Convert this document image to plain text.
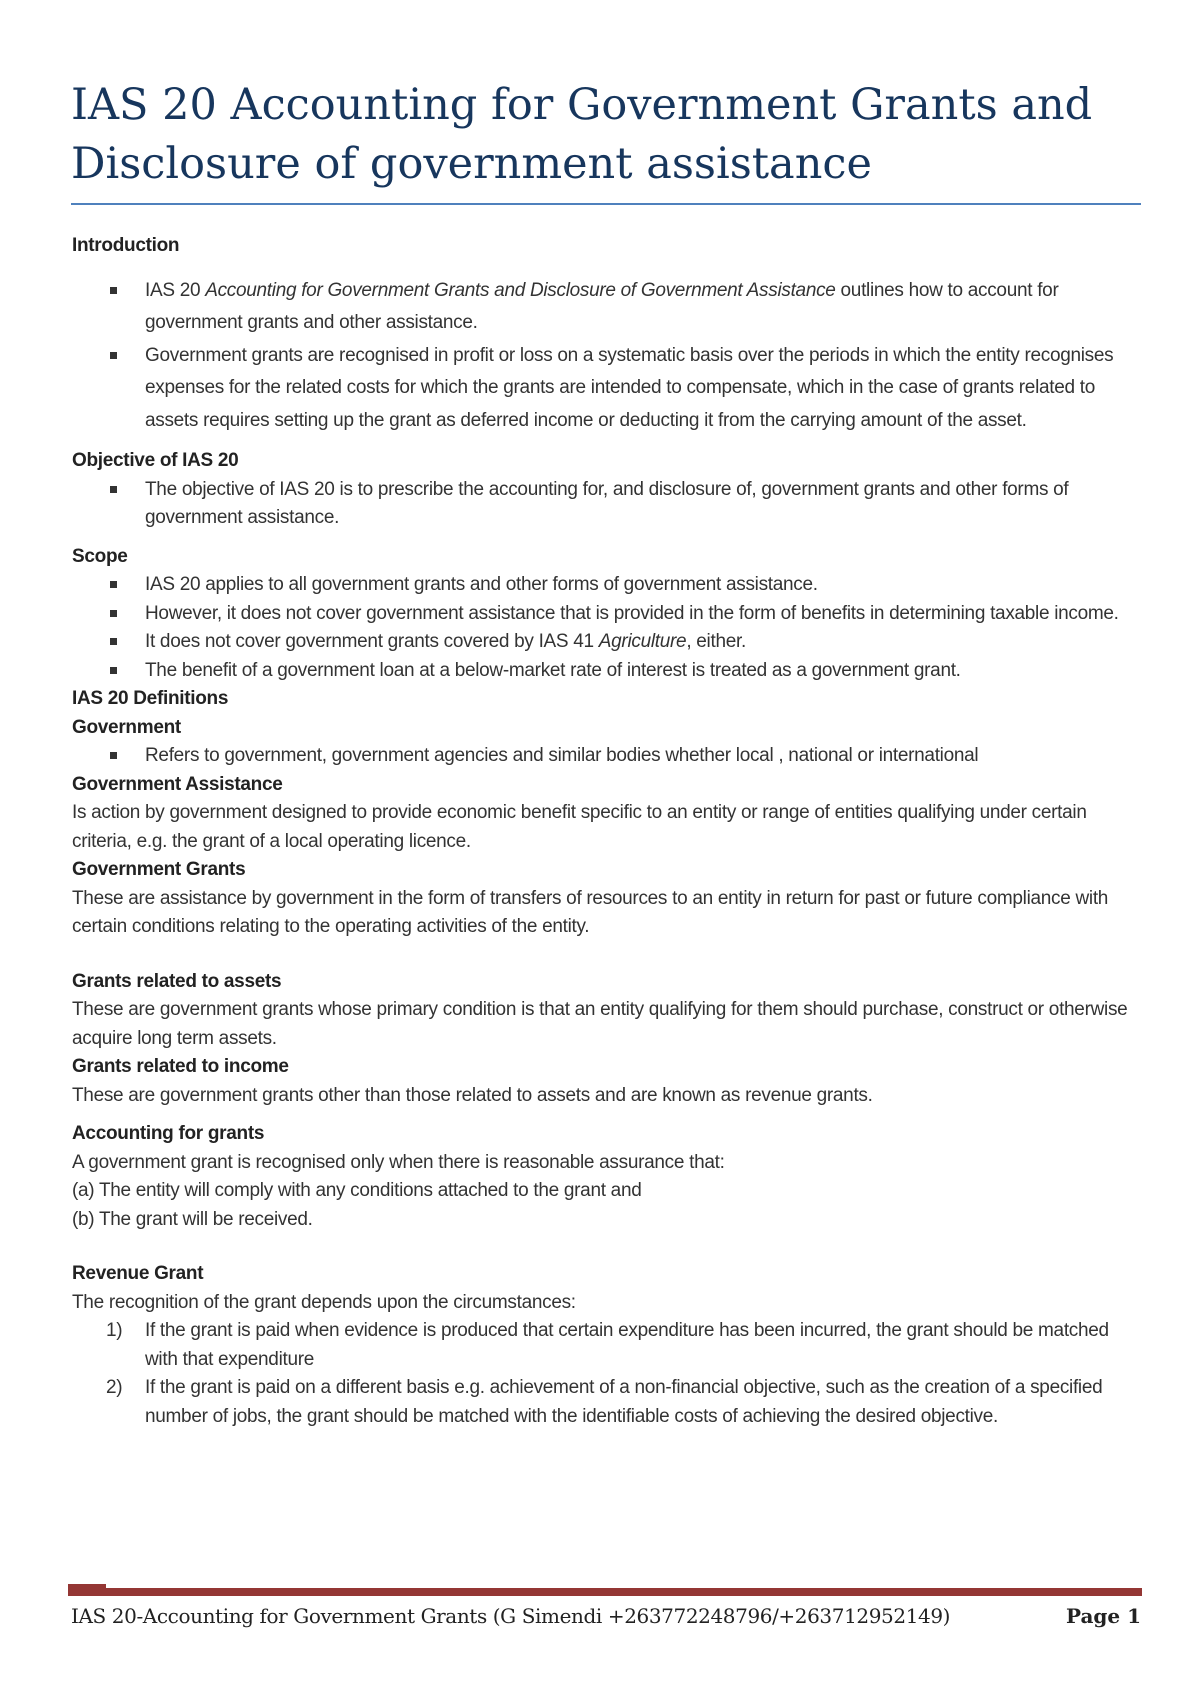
IAS 20 Accounting for Government Grants and
Disclosure of government assistance

Introduction

IAS 20 Accounting for Government Grants and Disclosure of Government Assistance outlines how to account for government grants and other assistance.
Government grants are recognised in profit or loss on a systematic basis over the periods in which the entity recognises expenses for the related costs for which the grants are intended to compensate, which in the case of grants related to assets requires setting up the grant as deferred income or deducting it from the carrying amount of the asset.

Objective of IAS 20

The objective of IAS 20 is to prescribe the accounting for, and disclosure of, government grants and other forms of government assistance.

Scope

IAS 20 applies to all government grants and other forms of government assistance.
However, it does not cover government assistance that is provided in the form of benefits in determining taxable income.
It does not cover government grants covered by IAS 41 Agriculture, either.
The benefit of a government loan at a below-market rate of interest is treated as a government grant.

IAS 20 Definitions

Government

Refers to government, government agencies and similar bodies whether local , national or international

Government Assistance

Is action by government designed to provide economic benefit specific to an entity or range of entities qualifying under certain criteria, e.g. the grant of a local operating licence.

Government Grants

These are assistance by government in the form of transfers of resources to an entity in return for past or future compliance with certain conditions relating to the operating activities of the entity.

Grants related to assets

These are government grants whose primary condition is that an entity qualifying for them should purchase, construct or otherwise acquire long term assets.

Grants related to income

These are government grants other than those related to assets and are known as revenue grants.

Accounting for grants

A government grant is recognised only when there is reasonable assurance that:

(a) The entity will comply with any conditions attached to the grant and

(b) The grant will be received.

Revenue Grant

The recognition of the grant depends upon the circumstances:

1) If the grant is paid when evidence is produced that certain expenditure has been incurred, the grant should be matched with that expenditure
2) If the grant is paid on a different basis e.g. achievement of a non-financial objective, such as the creation of a specified number of jobs, the grant should be matched with the identifiable costs of achieving the desired objective.
IAS 20-Accounting for Government Grants (G Simendi +263772248796/+263712952149)	Page 1
